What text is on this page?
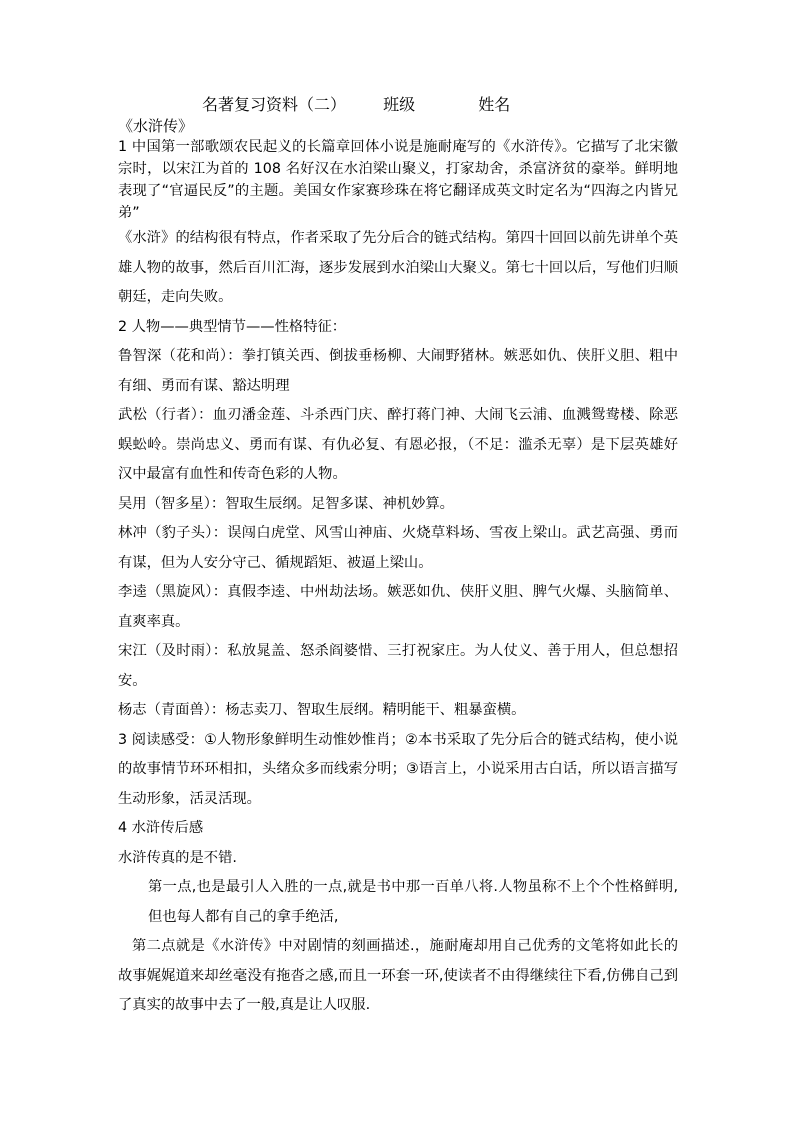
名著复习资料（二） 班级	姓名
《水浒传》

1 中国第一部歌颂农民起义的长篇章回体小说是施耐庵写的《水浒传》。它描写了北宋徽宗时，以宋江为首的 108 名好汉在水泊梁山聚义，打家劫舍，杀富济贫的豪举。鲜明地表现了“官逼民反”的主题。美国女作家赛珍珠在将它翻译成英文时定名为“四海之内皆兄弟”

《水浒》的结构很有特点，作者采取了先分后合的链式结构。第四十回回以前先讲单个英雄人物的故事，然后百川汇海，逐步发展到水泊梁山大聚义。第七十回以后，写他们归顺朝廷，走向失败。

2 人物——典型情节——性格特征：

鲁智深（花和尚）：拳打镇关西、倒拔垂杨柳、大闹野猪林。嫉恶如仇、侠肝义胆、粗中有细、勇而有谋、豁达明理

武松（行者）：血刃潘金莲、斗杀西门庆、醉打蒋门神、大闹飞云浦、血溅鸳鸯楼、除恶蜈蚣岭。崇尚忠义、勇而有谋、有仇必复、有恩必报，（不足：滥杀无辜）是下层英雄好汉中最富有血性和传奇色彩的人物。

吴用（智多星）：智取生辰纲。足智多谋、神机妙算。

林冲（豹子头）：误闯白虎堂、风雪山神庙、火烧草料场、雪夜上梁山。武艺高强、勇而有谋，但为人安分守己、循规蹈矩、被逼上梁山。

李逵（黑旋风）：真假李逵、中州劫法场。嫉恶如仇、侠肝义胆、脾气火爆、头脑简单、直爽率真。

宋江（及时雨）：私放晁盖、怒杀阎婆惜、三打祝家庄。为人仗义、善于用人，但总想招安。

杨志（青面兽）：杨志卖刀、智取生辰纲。精明能干、粗暴蛮横。

3 阅读感受：①人物形象鲜明生动惟妙惟肖；②本书采取了先分后合的链式结构，使小说的故事情节环环相扣，头绪众多而线索分明；③语言上，小说采用古白话，所以语言描写生动形象，活灵活现。

4 水浒传后感

水浒传真的是不错.

第一点,也是最引人入胜的一点,就是书中那一百单八将.人物虽称不上个个性格鲜明,但也每人都有自己的拿手绝活,

第二点就是《水浒传》中对剧情的刻画描述.，施耐庵却用自己优秀的文笔将如此长的故事娓娓道来却丝毫没有拖沓之感,而且一环套一环,使读者不由得继续往下看,仿佛自己到了真实的故事中去了一般,真是让人叹服.
